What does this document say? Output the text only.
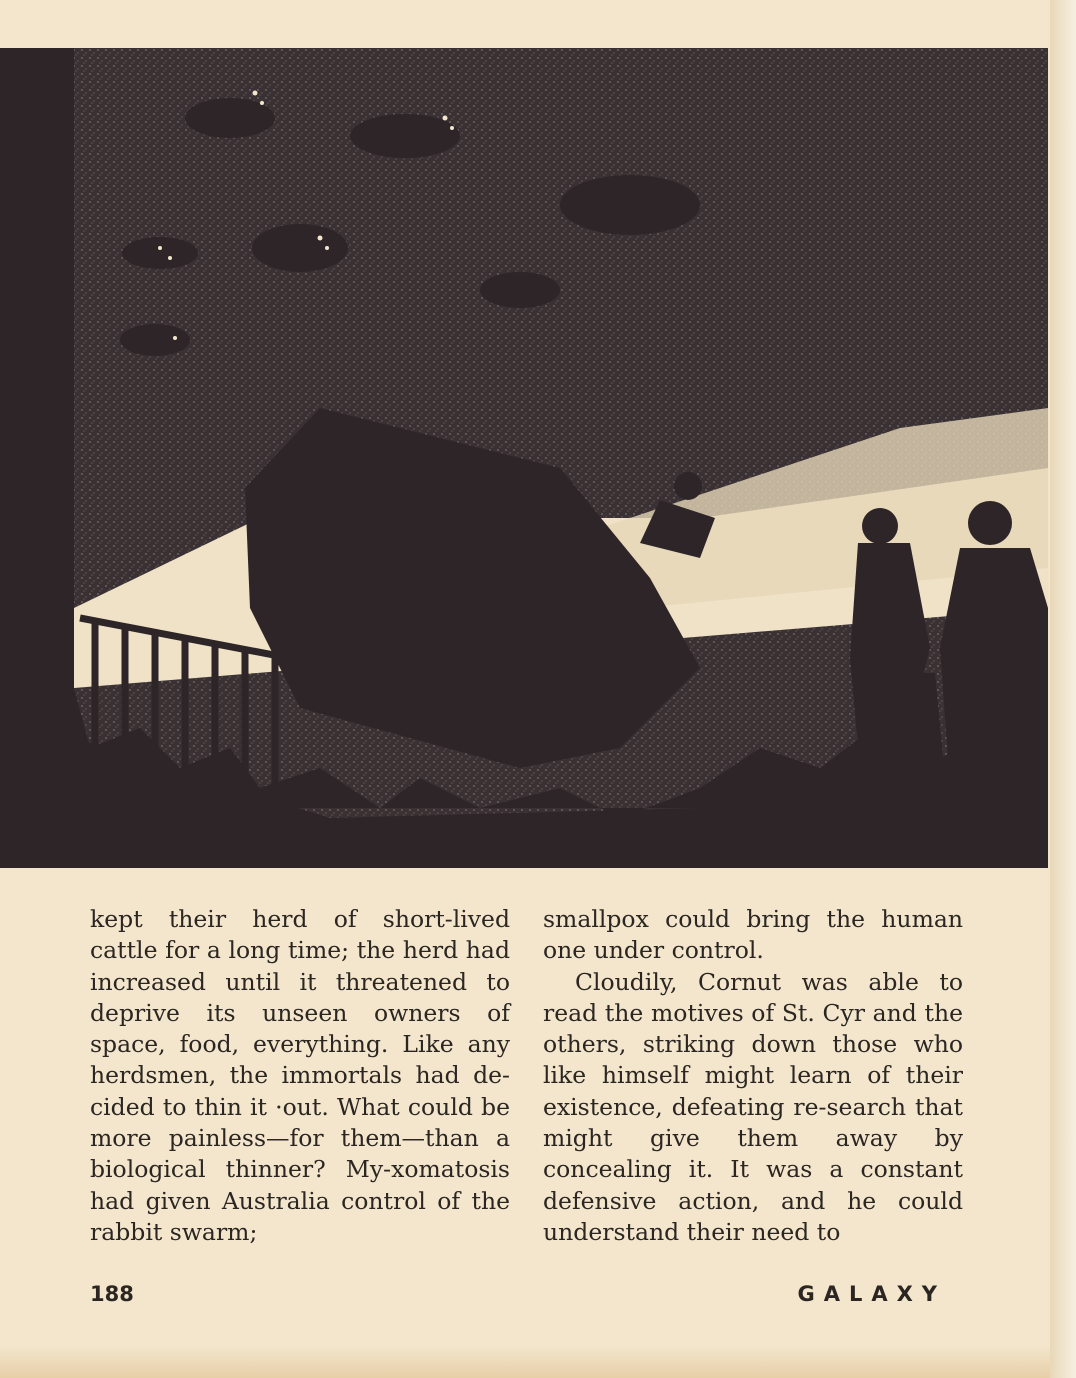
kept their herd of short-lived cattle for a long time; the herd had increased until it threatened to deprive its unseen owners of space, food, everything. Like any herdsmen, the immortals had de-cided to thin it ·out. What could be more painless—for them—than a biological thinner? My-xomatosis had given Australia control of the rabbit swarm;

smallpox could bring the human one under control.

Cloudily, Cornut was able to read the motives of St. Cyr and the others, striking down those who like himself might learn of their existence, defeating re-search that might give them away by concealing it. It was a constant defensive action, and he could understand their need to

188	GALAXY
